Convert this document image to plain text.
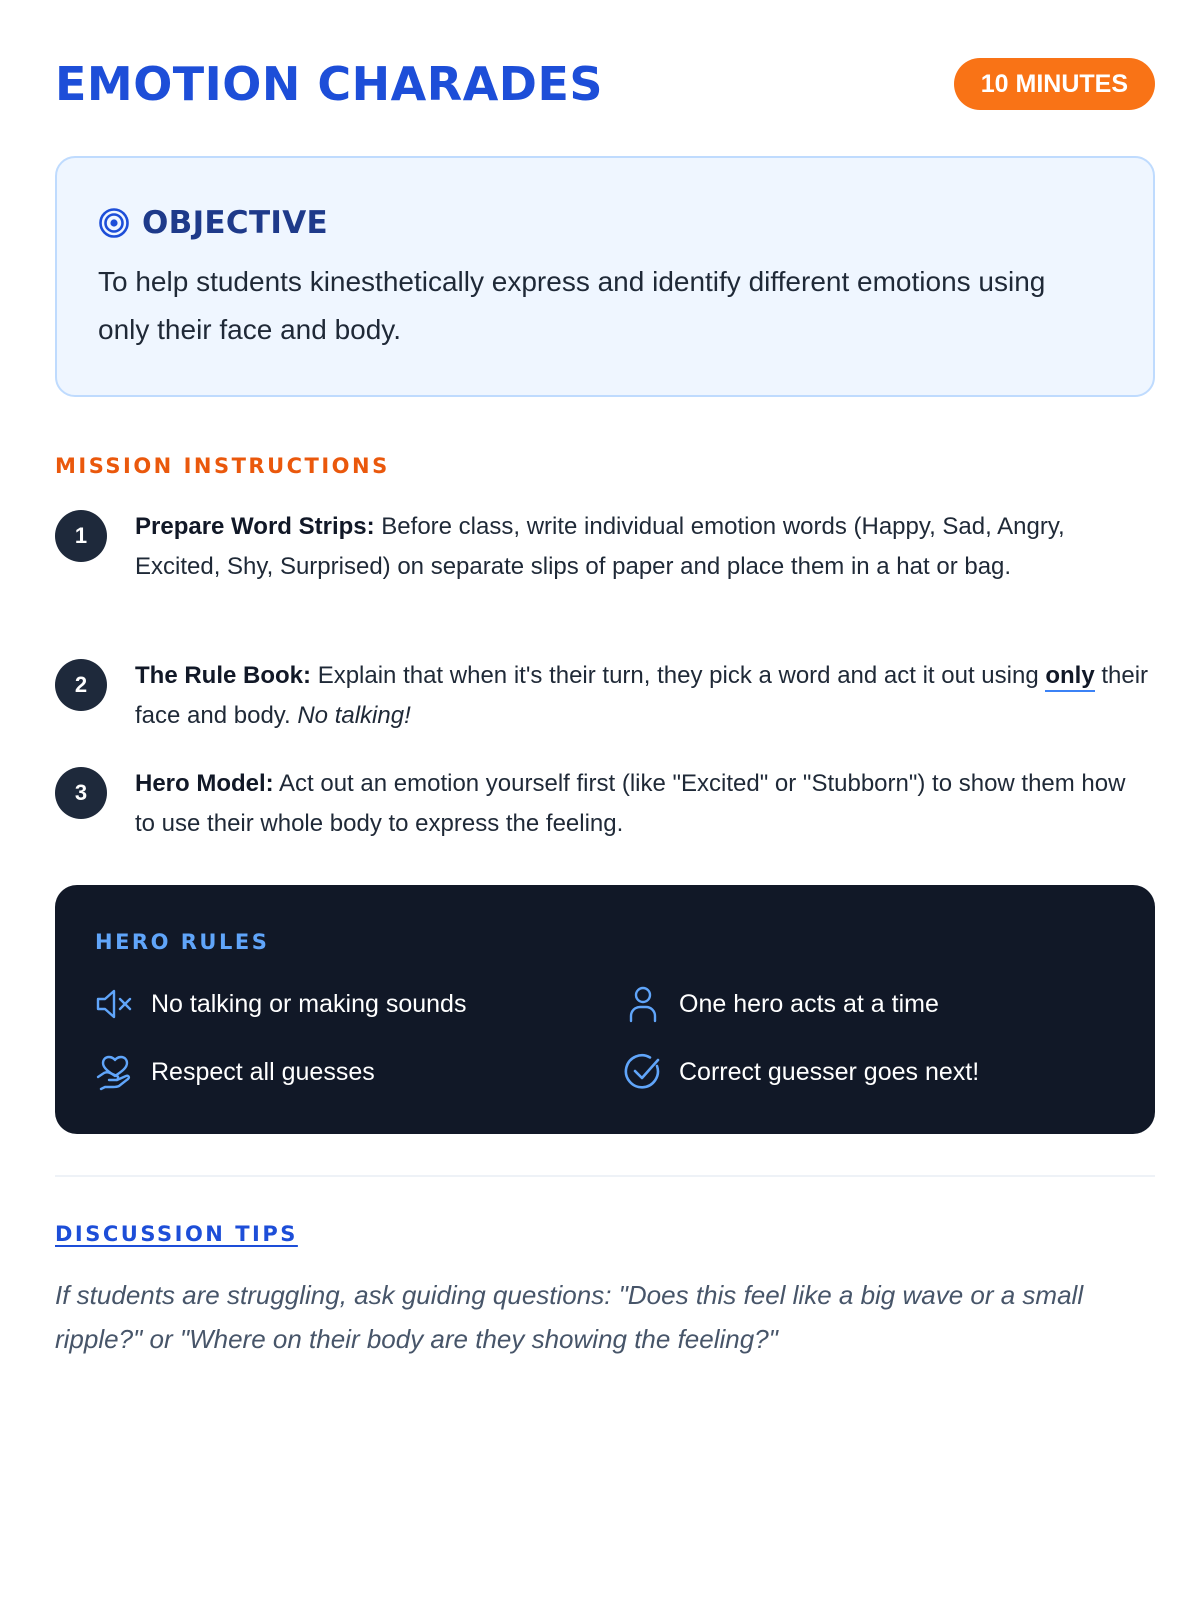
EMOTION CHARADES	10 MINUTES
OBJECTIVE
To help students kinesthetically express and identify different emotions using only their face and body.
MISSION INSTRUCTIONS
1	Prepare Word Strips: Before class, write individual emotion words (Happy, Sad, Angry, Excited, Shy, Surprised) on separate slips of paper and place them in a hat or bag.
2	The Rule Book: Explain that when it's their turn, they pick a word and act it out using only their face and body. No talking!
3	Hero Model: Act out an emotion yourself first (like "Excited" or "Stubborn") to show them how to use their whole body to express the feeling.
HERO RULES
No talking or making sounds	One hero acts at a time
Respect all guesses	Correct guesser goes next!
DISCUSSION TIPS
If students are struggling, ask guiding questions: "Does this feel like a big wave or a small ripple?" or "Where on their body are they showing the feeling?"
